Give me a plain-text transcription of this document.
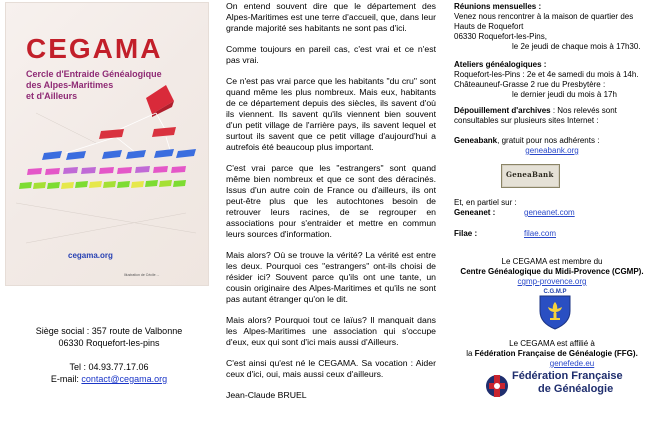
CEGAMA
Cercle d'Entraide Généalogique
des Alpes-Maritimes
et d'Ailleurs
cegama.org
Illustration de Cécile ...
Siège social : 357 route de Valbonne
06330 Roquefort-les-pins
Tel : 04.93.77.17.06
E-mail: contact@cegama.org

On entend souvent dire que le département des Alpes-Maritimes est une terre d'accueil, que, dans leur grande majorité ses habitants ne sont pas d'ici.

Comme toujours en pareil cas, c'est vrai et ce n'est pas vrai.

Ce n'est pas vrai parce que les habitants "du cru" sont quand même les plus nombreux. Mais eux, habitants de ce département depuis des siècles, ils savent d'où ils viennent. Ils savent qu'ils viennent bien souvent d'un petit village de l'arrière pays, ils savent lequel et surtout ils savent que ce petit village d'aujourd'hui a autrefois été beaucoup plus important.

C'est vrai parce que les "estrangers" sont quand même bien nombreux et que ce sont des déracinés. Issus d'un autre coin de France ou d'ailleurs, ils ont peut-être plus que les autochtones besoin de retrouver leurs racines, de se regrouper en associations pour s'entraider et mettre en commun leurs sources d'information.

Mais alors? Où se trouve la vérité? La vérité est entre les deux. Pourquoi ces "estrangers" ont-ils choisi de résider ici? Souvent parce qu'ils ont une tante, un cousin originaire des Alpes-Maritimes et qu'ils ne sont pas autant étranger qu'on le dit.

Mais alors? Pourquoi tout ce laïus? Il manquait dans les Alpes-Maritimes une association qui s'occupe d'eux, eux qui sont d'ici mais aussi d'Ailleurs.

C'est ainsi qu'est né le CEGAMA. Sa vocation : Aider ceux d'ici, oui, mais aussi ceux d'ailleurs.

Jean-Claude BRUEL

Réunions mensuelles :
Venez nous rencontrer à la maison de quartier des
Hauts de Roquefort
06330 Roquefort-les-Pins,
le 2e jeudi de chaque mois à 17h30.
Ateliers généalogiques :
Roquefort-les-Pins : 2e et 4e samedi du mois à 14h.
Châteauneuf-Grasse 2 rue du Presbytère :
le dernier jeudi du mois à 17h
Dépouillement d'archives : Nos relevés sont
consultables sur plusieurs sites Internet :
Geneabank, gratuit pour nos adhérents :
geneabank.org
GeneaBank
Et, en partiel sur :
Geneanet :	geneanet.com
Filae :	filae.com
Le CEGAMA est membre du
Centre Généalogique du Midi-Provence (CGMP).
cgmp-provence.org
C.G.M.P
Le CEGAMA est affilié à
la Fédération Française de Généalogie (FFG).
genefede.eu
Fédération Française
de Généalogie
